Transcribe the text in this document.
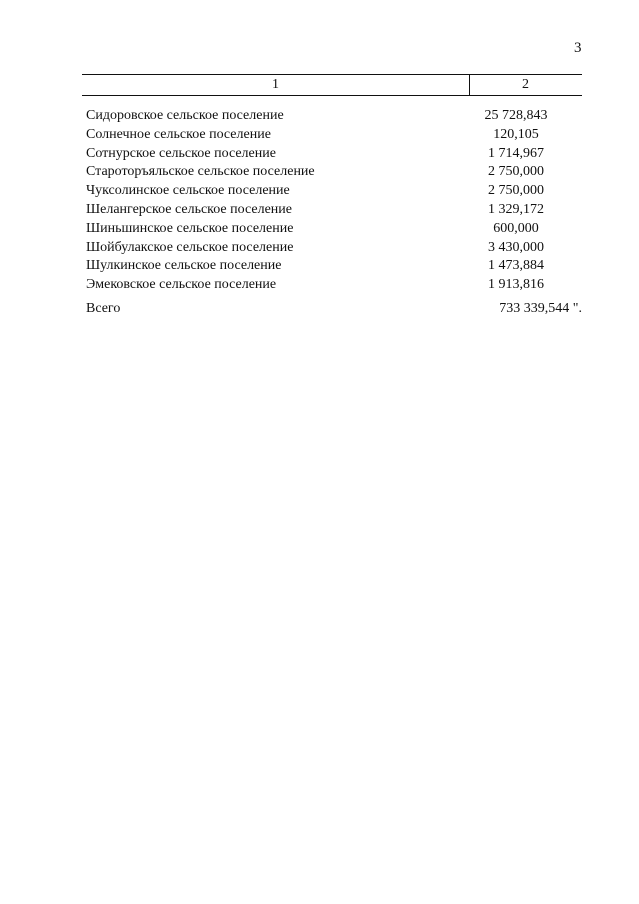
3
1	2
Сидоровское сельское поселение	25 728,843
Солнечное сельское поселение	120,105
Сотнурское сельское поселение	1 714,967
Староторъяльское сельское поселение	2 750,000
Чуксолинское сельское поселение	2 750,000
Шелангерское сельское поселение	1 329,172
Шиньшинское сельское поселение	600,000
Шойбулакское сельское поселение	3 430,000
Шулкинское сельское поселение	1 473,884
Эмековское сельское поселение	1 913,816
Всего	733 339,544 ".
